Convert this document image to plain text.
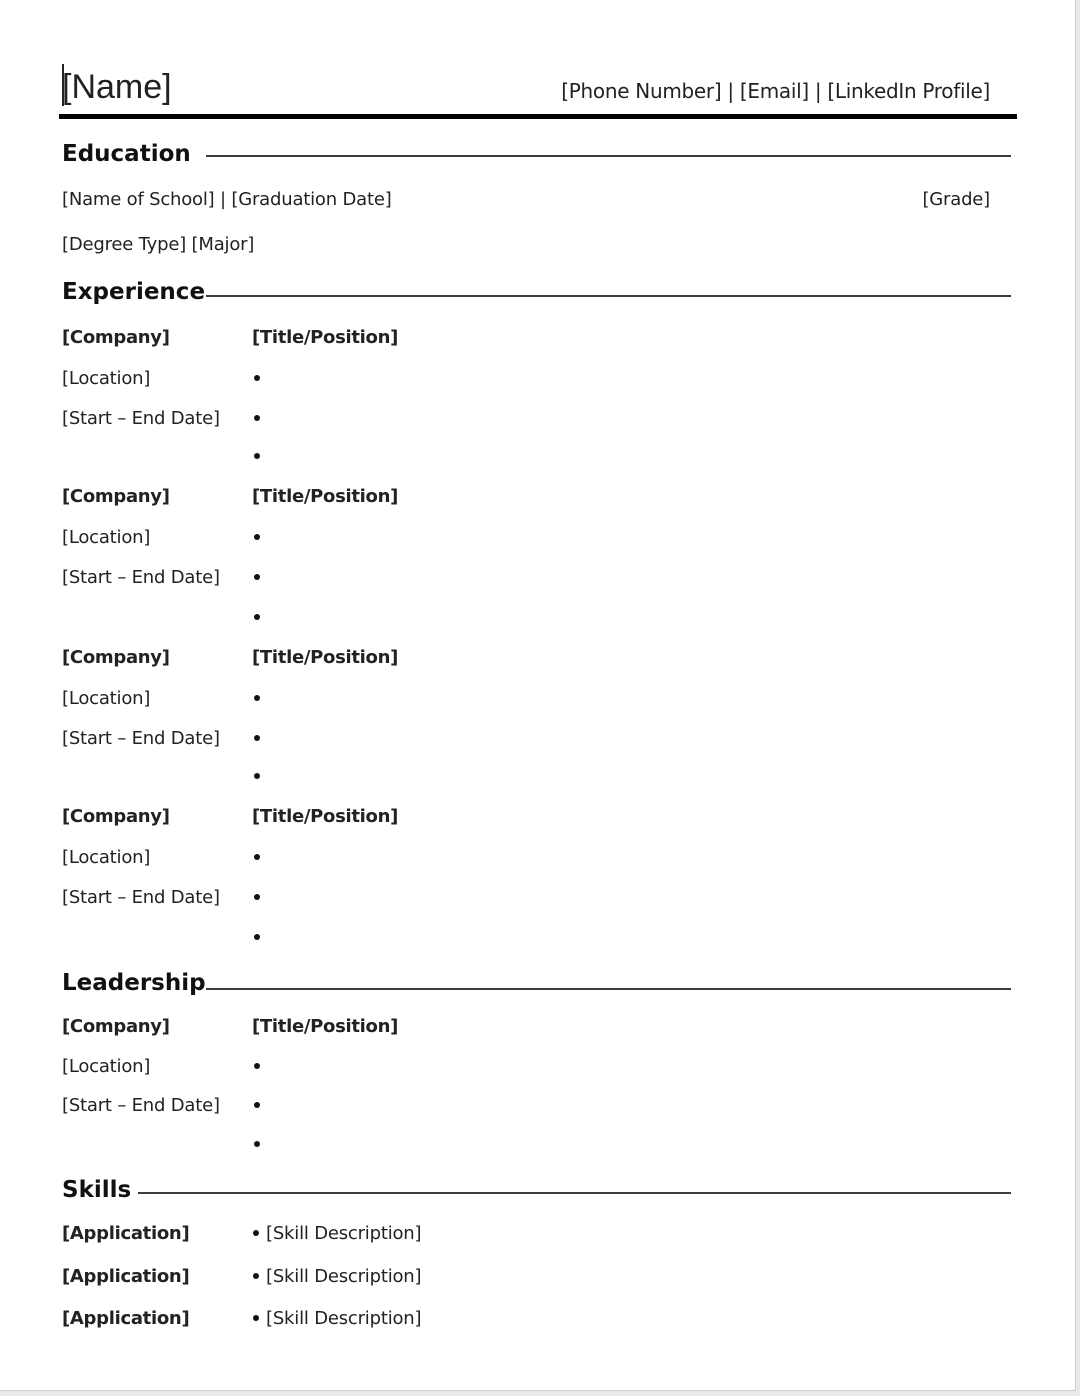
[Name]	[Phone Number] | [Email] | [LinkedIn Profile]
Education
[Name of School] | [Graduation Date]	[Grade]
[Degree Type] [Major]
Experience
[Company]	[Title/Position]
[Location]
[Start – End Date]
[Company]	[Title/Position]
[Location]
[Start – End Date]
[Company]	[Title/Position]
[Location]
[Start – End Date]
[Company]	[Title/Position]
[Location]
[Start – End Date]
Leadership
[Company]	[Title/Position]
[Location]
[Start – End Date]
Skills
[Application]	[Skill Description]
[Application]	[Skill Description]
[Application]	[Skill Description]
